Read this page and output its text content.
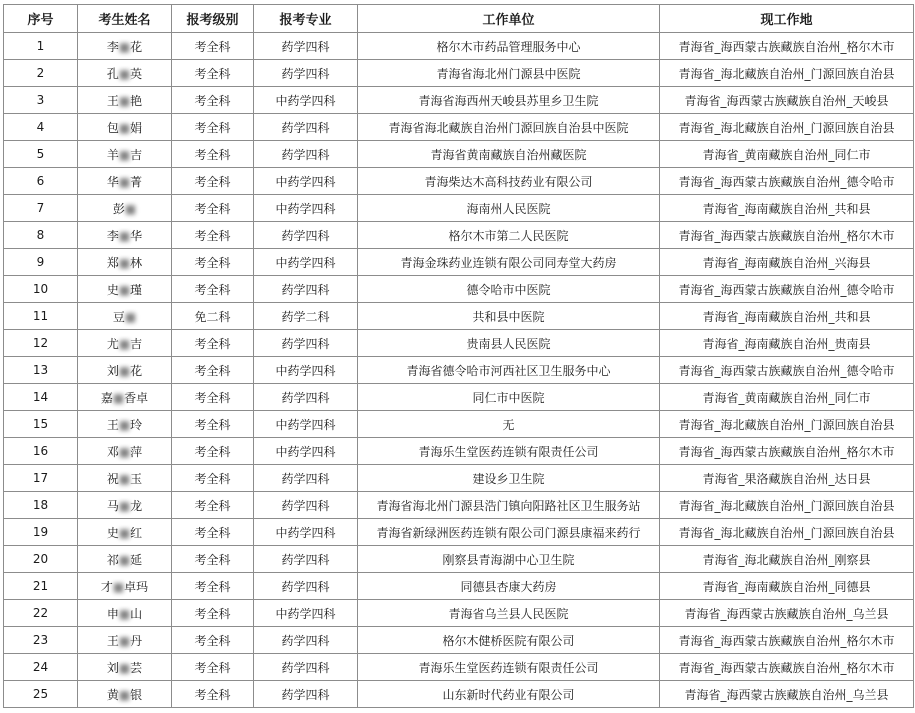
序号	考生姓名	报考级别	报考专业	工作单位	现工作地
1	李■花	考全科	药学四科	格尔木市药品管理服务中心	青海省_海西蒙古族藏族自治州_格尔木市
2	孔■英	考全科	药学四科	青海省海北州门源县中医院	青海省_海北藏族自治州_门源回族自治县
3	王■艳	考全科	中药学四科	青海省海西州天峻县苏里乡卫生院	青海省_海西蒙古族藏族自治州_天峻县
4	包■娟	考全科	药学四科	青海省海北藏族自治州门源回族自治县中医院	青海省_海北藏族自治州_门源回族自治县
5	羊■吉	考全科	药学四科	青海省黄南藏族自治州藏医院	青海省_黄南藏族自治州_同仁市
6	华■菁	考全科	中药学四科	青海柴达木高科技药业有限公司	青海省_海西蒙古族藏族自治州_德令哈市
7	彭■	考全科	中药学四科	海南州人民医院	青海省_海南藏族自治州_共和县
8	李■华	考全科	药学四科	格尔木市第二人民医院	青海省_海西蒙古族藏族自治州_格尔木市
9	郑■林	考全科	中药学四科	青海金珠药业连锁有限公司同寿堂大药房	青海省_海南藏族自治州_兴海县
10	史■瑾	考全科	药学四科	德令哈市中医院	青海省_海西蒙古族藏族自治州_德令哈市
11	豆■	免二科	药学二科	共和县中医院	青海省_海南藏族自治州_共和县
12	尤■吉	考全科	药学四科	贵南县人民医院	青海省_海南藏族自治州_贵南县
13	刘■花	考全科	中药学四科	青海省德令哈市河西社区卫生服务中心	青海省_海西蒙古族藏族自治州_德令哈市
14	嘉■香卓	考全科	药学四科	同仁市中医院	青海省_黄南藏族自治州_同仁市
15	王■玲	考全科	中药学四科	无	青海省_海北藏族自治州_门源回族自治县
16	邓■萍	考全科	中药学四科	青海乐生堂医药连锁有限责任公司	青海省_海西蒙古族藏族自治州_格尔木市
17	祝■玉	考全科	药学四科	建设乡卫生院	青海省_果洛藏族自治州_达日县
18	马■龙	考全科	药学四科	青海省海北州门源县浩门镇向阳路社区卫生服务站	青海省_海北藏族自治州_门源回族自治县
19	史■红	考全科	中药学四科	青海省新绿洲医药连锁有限公司门源县康福来药行	青海省_海北藏族自治州_门源回族自治县
20	祁■延	考全科	药学四科	刚察县青海湖中心卫生院	青海省_海北藏族自治州_刚察县
21	才■卓玛	考全科	药学四科	同德县杏康大药房	青海省_海南藏族自治州_同德县
22	申■山	考全科	中药学四科	青海省乌兰县人民医院	青海省_海西蒙古族藏族自治州_乌兰县
23	王■丹	考全科	药学四科	格尔木健桥医院有限公司	青海省_海西蒙古族藏族自治州_格尔木市
24	刘■芸	考全科	药学四科	青海乐生堂医药连锁有限责任公司	青海省_海西蒙古族藏族自治州_格尔木市
25	黄■银	考全科	药学四科	山东新时代药业有限公司	青海省_海西蒙古族藏族自治州_乌兰县
